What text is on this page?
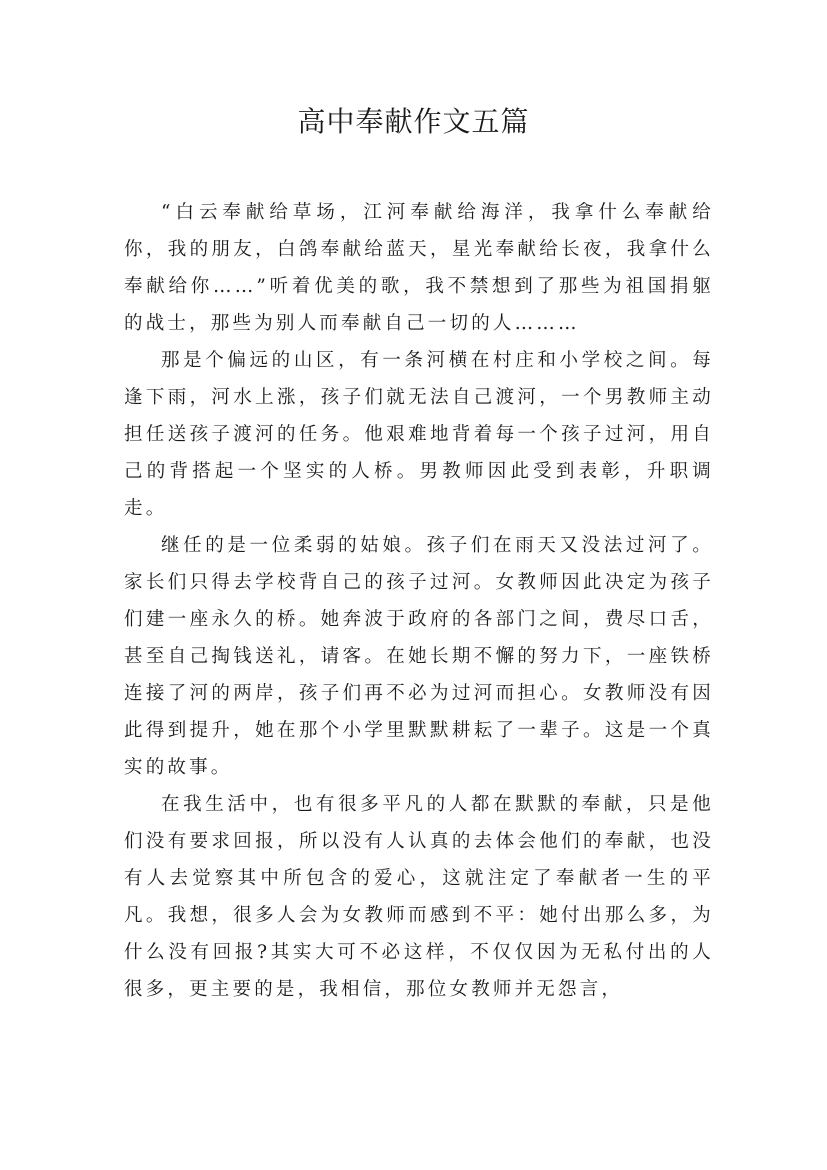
高中奉献作文五篇

“白云奉献给草场，江河奉献给海洋，我拿什么奉献给你，我的朋友，白鸽奉献给蓝天，星光奉献给长夜，我拿什么奉献给你……”听着优美的歌，我不禁想到了那些为祖国捐躯的战士，那些为别人而奉献自己一切的人………

那是个偏远的山区，有一条河横在村庄和小学校之间。每逢下雨，河水上涨，孩子们就无法自己渡河，一个男教师主动担任送孩子渡河的任务。他艰难地背着每一个孩子过河，用自己的背搭起一个坚实的人桥。男教师因此受到表彰，升职调走。

继任的是一位柔弱的姑娘。孩子们在雨天又没法过河了。家长们只得去学校背自己的孩子过河。女教师因此决定为孩子们建一座永久的桥。她奔波于政府的各部门之间，费尽口舌，甚至自己掏钱送礼，请客。在她长期不懈的努力下，一座铁桥连接了河的两岸，孩子们再不必为过河而担心。女教师没有因此得到提升，她在那个小学里默默耕耘了一辈子。这是一个真实的故事。

在我生活中，也有很多平凡的人都在默默的奉献，只是他们没有要求回报，所以没有人认真的去体会他们的奉献，也没有人去觉察其中所包含的爱心，这就注定了奉献者一生的平凡。我想，很多人会为女教师而感到不平：她付出那么多，为什么没有回报?其实大可不必这样，不仅仅因为无私付出的人很多，更主要的是，我相信，那位女教师并无怨言，
